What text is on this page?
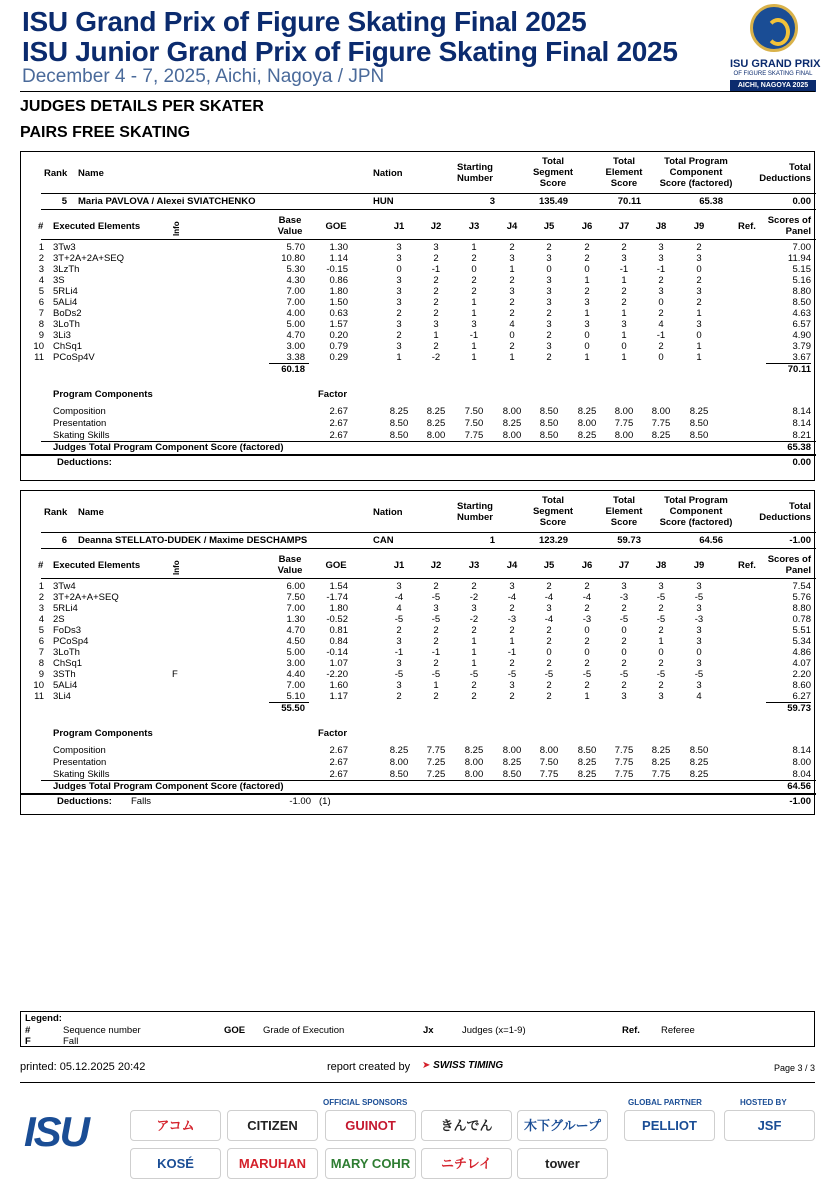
ISU Grand Prix of Figure Skating Final 2025
ISU Junior Grand Prix of Figure Skating Final 2025
December 4 - 7, 2025, Aichi, Nagoya / JPN
ISU GRAND PRIX
OF FIGURE SKATING FINAL
AICHI, NAGOYA 2025
JUDGES DETAILS PER SKATER
PAIRS FREE SKATING
Rank Name	Nation
Starting
Number
Total
Segment
Score
Total
Element
Score
Total Program
Component
Score (factored)
Total
Deductions
5 Maria PAVLOVA / Alexei SVIATCHENKO	HUN	3	135.49	70.11	65.38	0.00
# Executed Elements	Info
Base
Value	GOE	J1	J2	J3	J4	J5	J6	J7	J8	J9	Ref.
Scores of
Panel
1 3Tw3	5.70	1.30	3	3	1	2	2	2	2	3	2	7.00
2 3T+2A+2A+SEQ	10.80	1.14	3	2	2	3	3	2	3	3	3	11.94
3 3LzTh	5.30	-0.15	0	-1	0	1	0	0	-1	-1	0	5.15
4 3S	4.30	0.86	3	2	2	2	3	1	1	2	2	5.16
5 5RLi4	7.00	1.80	3	2	2	3	3	2	2	3	3	8.80
6 5ALi4	7.00	1.50	3	2	1	2	3	3	2	0	2	8.50
7 BoDs2	4.00	0.63	2	2	1	2	2	1	1	2	1	4.63
8 3LoTh	5.00	1.57	3	3	3	4	3	3	3	4	3	6.57
9 3Li3	4.70	0.20	2	1	-1	0	2	0	1	-1	0	4.90
10 ChSq1	3.00	0.79	3	2	1	2	3	0	0	2	1	3.79
11 PCoSp4V	3.38	0.29	1	-2	1	1	2	1	1	0	1	3.67
60.18	70.11
Program Components	Factor
Composition	2.67	8.25	8.25	7.50	8.00	8.50	8.25	8.00	8.00	8.25	8.14
Presentation	2.67	8.50	8.25	7.50	8.25	8.50	8.00	7.75	7.75	8.50	8.14
Skating Skills	2.67	8.50	8.00	7.75	8.00	8.50	8.25	8.00	8.25	8.50	8.21
Judges Total Program Component Score (factored)	65.38
Deductions:	0.00
Rank Name	Nation
Starting
Number
Total
Segment
Score
Total
Element
Score
Total Program
Component
Score (factored)
Total
Deductions
6 Deanna STELLATO-DUDEK / Maxime DESCHAMPS	CAN	1	123.29	59.73	64.56	-1.00
# Executed Elements	Info
Base
Value	GOE	J1	J2	J3	J4	J5	J6	J7	J8	J9	Ref.
Scores of
Panel
1 3Tw4	6.00	1.54	3	2	2	3	2	2	3	3	3	7.54
2 3T+2A+A+SEQ	7.50	-1.74	-4	-5	-2	-4	-4	-4	-3	-5	-5	5.76
3 5RLi4	7.00	1.80	4	3	3	2	3	2	2	2	3	8.80
4 2S	1.30	-0.52	-5	-5	-2	-3	-4	-3	-5	-5	-3	0.78
5 FoDs3	4.70	0.81	2	2	2	2	2	0	0	2	3	5.51
6 PCoSp4	4.50	0.84	3	2	1	1	2	2	2	1	3	5.34
7 3LoTh	5.00	-0.14	-1	-1	1	-1	0	0	0	0	0	4.86
8 ChSq1	3.00	1.07	3	2	1	2	2	2	2	2	3	4.07
9 3STh	F	4.40	-2.20	-5	-5	-5	-5	-5	-5	-5	-5	-5	2.20
10 5ALi4	7.00	1.60	3	1	2	3	2	2	2	2	3	8.60
11 3Li4	5.10	1.17	2	2	2	2	2	1	3	3	4	6.27
55.50	59.73
Program Components	Factor
Composition	2.67	8.25	7.75	8.25	8.00	8.00	8.50	7.75	8.25	8.50	8.14
Presentation	2.67	8.00	7.25	8.00	8.25	7.50	8.25	7.75	8.25	8.25	8.00
Skating Skills	2.67	8.50	7.25	8.00	8.50	7.75	8.25	7.75	7.75	8.25	8.04
Judges Total Program Component Score (factored)	64.56
Deductions: Falls	-1.00 (1)	-1.00
Legend:
#	Sequence number	GOE Grade of Execution	Jx	Judges (x=1-9)	Ref. Referee
F	Fall
printed: 05.12.2025 20:42	report created by ➤ SWISS TIMING	Page 3 / 3
ISU
OFFICIAL SPONSORS	GLOBAL PARTNER	HOSTED BY
アコム	CITIZEN	GUINOT	きんでん	木下グループ
KOSÉ	MARUHAN	MARY COHR	ニチレイ	tower
PELLIOT	JSF
